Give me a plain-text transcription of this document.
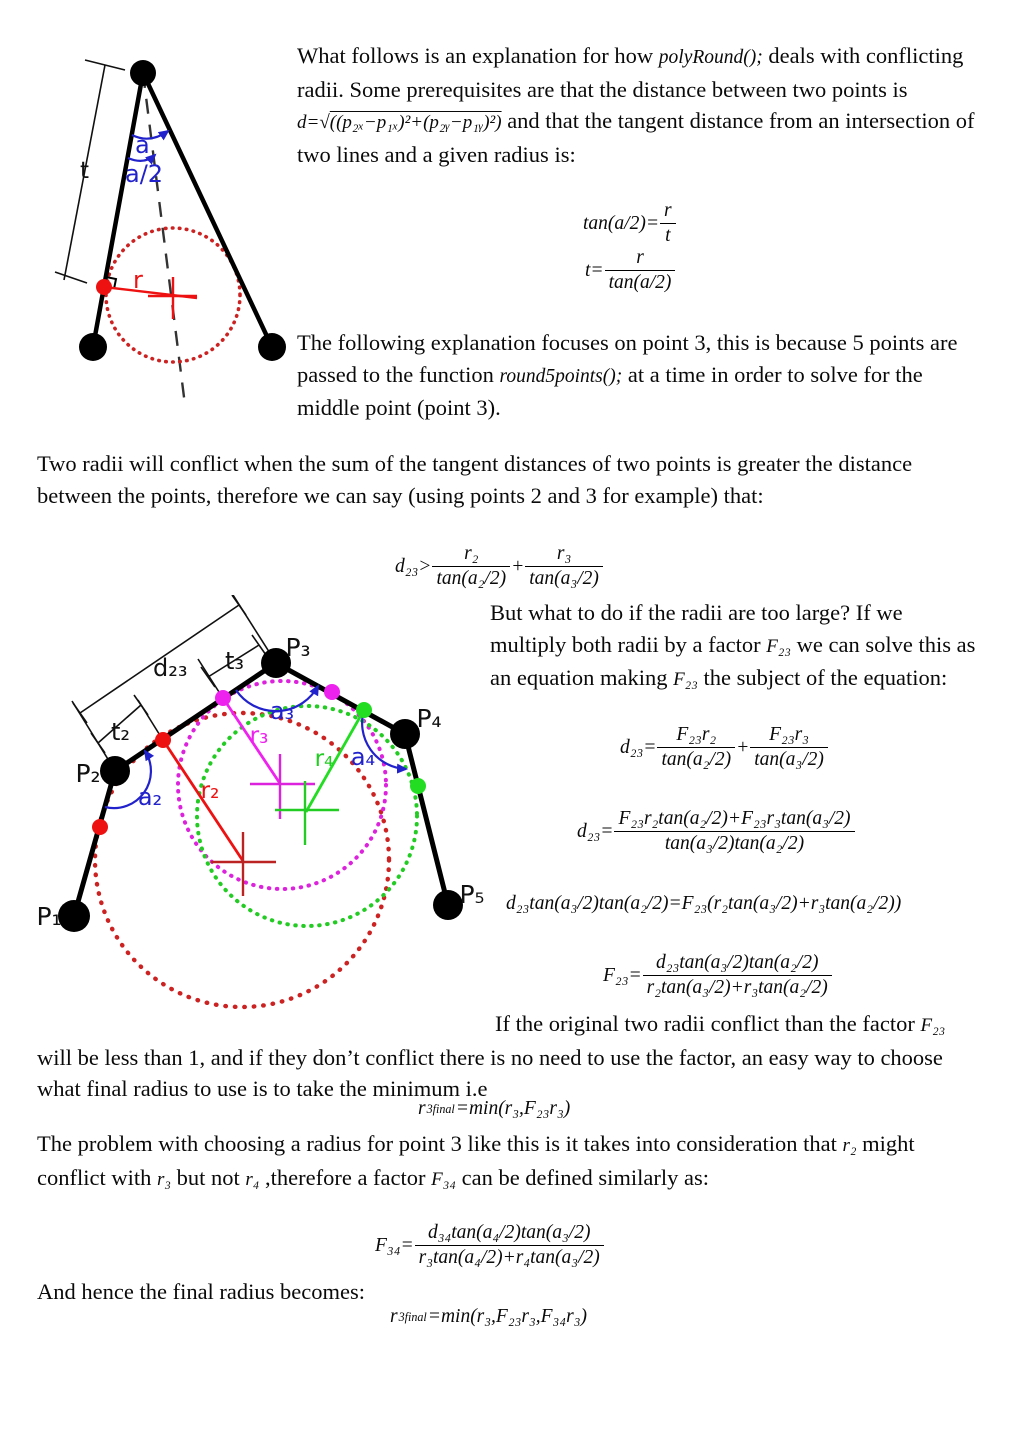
t
r
a
a/2
d₂₃ t₃
t₂
a₂
a₃
a₄
r₂
r₃
r₄
P₁
P₂
P₃
P₄
P₅
What follows is an explanation for how polyRound(); deals with conflicting radii. Some prerequisites are that the distance between two points is d=√((p₂ₓ−p₁ₓ)²+(p₂ᵧ−p₁ᵧ)²) and that the tangent distance from an intersection of two lines and a given radius is:
$\tan(a/2)= \frac{r}{t}$
$t= \frac{r}{\tan(a/2)}$
The following explanation focuses on point 3, this is because 5 points are passed to the function round5points(); at a time in order to solve for the middle point (point 3).
Two radii will conflict when the sum of the tangent distances of two points is greater the distance between the points, therefore we can say (using points 2 and 3 for example) that:
$d_{23}> \frac{\text{r₂}}{\text{tan(a₂/2)}} + \frac{\text{r₃}}{\text{tan(a₃/2)}}$
But what to do if the radii are too large? If we multiply both radii by a factor F₂₃ we can solve this as an equation making F₂₃ the subject of the equation:
$d_{23}= \frac{\text{F₂₃r₂}}{\text{tan(a₂/2)}} + \frac{\text{F₂₃r₃}}{\text{tan(a₃/2)}}$
$d_{23}= \frac{\text{F₂₃r₂tan(a₂/2)+F₂₃r₃tan(a₃/2)}}{\text{tan(a₃/2)tan(a₂/2)}}$
d₂₃tan(a₃/2)tan(a₂/2)=F₂₃(r₂tan(a₃/2)+r₃tan(a₂/2))
$F_{23}= \frac{\text{d₂₃tan(a₃/2)tan(a₂/2)}}{\text{r₂tan(a₃/2)+r₃tan(a₂/2)}}$
If the original two radii conflict than the factor F₂₃ will be less than 1, and if they don’t conflict there is no need to use the factor, an easy way to choose what final radius to use is to take the minimum i.e
r 3final =min(r₃,F₂₃r₃)
The problem with choosing a radius for point 3 like this is it takes into consideration that r₂ might conflict with r₃ but not r₄ ,therefore a factor F₃₄ can be defined similarly as:
$F_{34}= \frac{\text{d₃₄tan(a₄/2)tan(a₃/2)}}{\text{r₃tan(a₄/2)+r₄tan(a₃/2)}}$
And hence the final radius becomes:
r 3final =min(r₃,F₂₃r₃,F₃₄r₃)
